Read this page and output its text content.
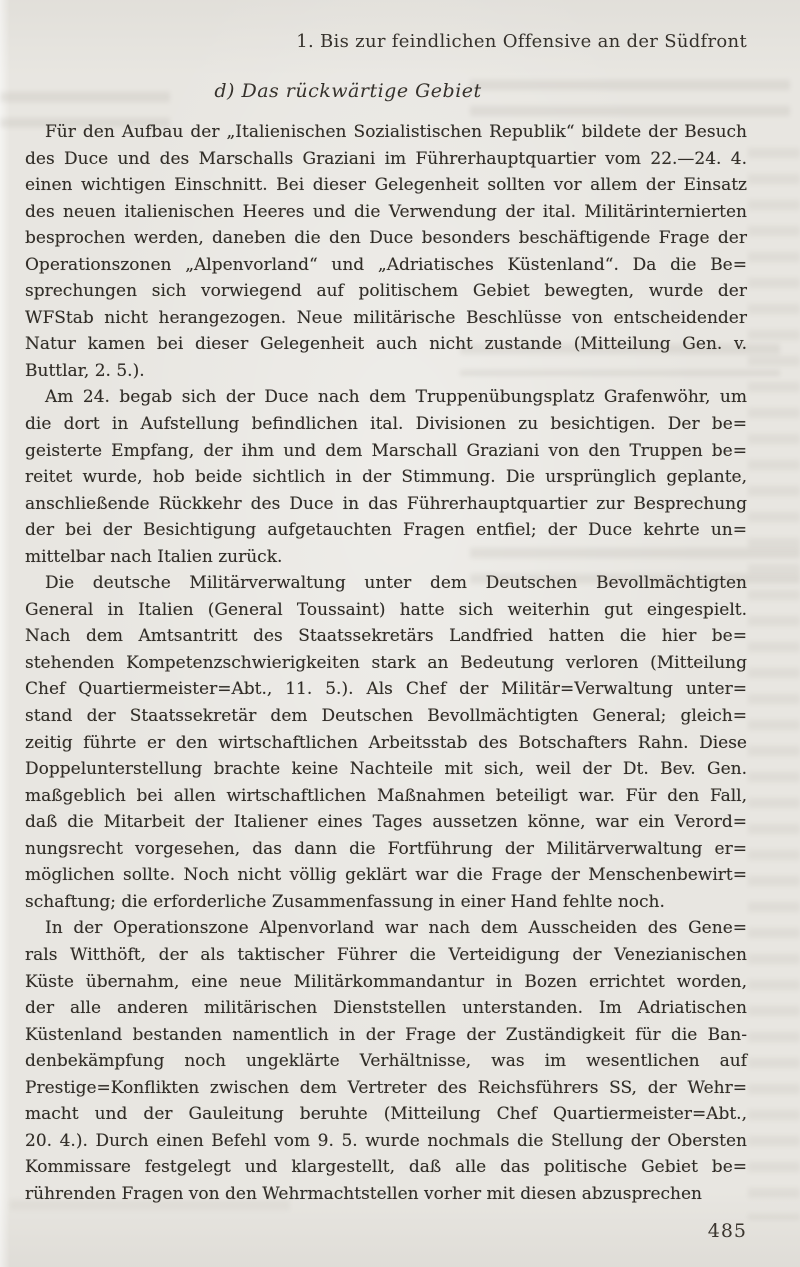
1. Bis zur feindlichen Offensive an der Südfront
d) Das rückwärtige Gebiet
Für den Aufbau der „Italienischen Sozialistischen Republik“ bildete der Besuch
des Duce und des Marschalls Graziani im Führerhauptquartier vom 22.—24. 4.
einen wichtigen Einschnitt. Bei dieser Gelegenheit sollten vor allem der Einsatz
des neuen italienischen Heeres und die Verwendung der ital. Militärinternierten
besprochen werden, daneben die den Duce besonders beschäftigende Frage der
Operationszonen „Alpenvorland“ und „Adriatisches Küstenland“. Da die Be=
sprechungen sich vorwiegend auf politischem Gebiet bewegten, wurde der
WFStab nicht herangezogen. Neue militärische Beschlüsse von entscheidender
Natur kamen bei dieser Gelegenheit auch nicht zustande (Mitteilung Gen. v.
Buttlar, 2. 5.).
Am 24. begab sich der Duce nach dem Truppenübungsplatz Grafenwöhr, um
die dort in Aufstellung befindlichen ital. Divisionen zu besichtigen. Der be=
geisterte Empfang, der ihm und dem Marschall Graziani von den Truppen be=
reitet wurde, hob beide sichtlich in der Stimmung. Die ursprünglich geplante,
anschließende Rückkehr des Duce in das Führerhauptquartier zur Besprechung
der bei der Besichtigung aufgetauchten Fragen entfiel; der Duce kehrte un=
mittelbar nach Italien zurück.
Die deutsche Militärverwaltung unter dem Deutschen Bevollmächtigten
General in Italien (General Toussaint) hatte sich weiterhin gut eingespielt.
Nach dem Amtsantritt des Staatssekretärs Landfried hatten die hier be=
stehenden Kompetenzschwierigkeiten stark an Bedeutung verloren (Mitteilung
Chef Quartiermeister=Abt., 11. 5.). Als Chef der Militär=Verwaltung unter=
stand der Staatssekretär dem Deutschen Bevollmächtigten General; gleich=
zeitig führte er den wirtschaftlichen Arbeitsstab des Botschafters Rahn. Diese
Doppelunterstellung brachte keine Nachteile mit sich, weil der Dt. Bev. Gen.
maßgeblich bei allen wirtschaftlichen Maßnahmen beteiligt war. Für den Fall,
daß die Mitarbeit der Italiener eines Tages aussetzen könne, war ein Verord=
nungsrecht vorgesehen, das dann die Fortführung der Militärverwaltung er=
möglichen sollte. Noch nicht völlig geklärt war die Frage der Menschenbewirt=
schaftung; die erforderliche Zusammenfassung in einer Hand fehlte noch.
In der Operationszone Alpenvorland war nach dem Ausscheiden des Gene=
rals Witthöft, der als taktischer Führer die Verteidigung der Venezianischen
Küste übernahm, eine neue Militärkommandantur in Bozen errichtet worden,
der alle anderen militärischen Dienststellen unterstanden. Im Adriatischen
Küstenland bestanden namentlich in der Frage der Zuständigkeit für die Ban-
denbekämpfung noch ungeklärte Verhältnisse, was im wesentlichen auf
Prestige=Konflikten zwischen dem Vertreter des Reichsführers SS, der Wehr=
macht und der Gauleitung beruhte (Mitteilung Chef Quartiermeister=Abt.,
20. 4.). Durch einen Befehl vom 9. 5. wurde nochmals die Stellung der Obersten
Kommissare festgelegt und klargestellt, daß alle das politische Gebiet be=
rührenden Fragen von den Wehrmachtstellen vorher mit diesen abzusprechen
485
